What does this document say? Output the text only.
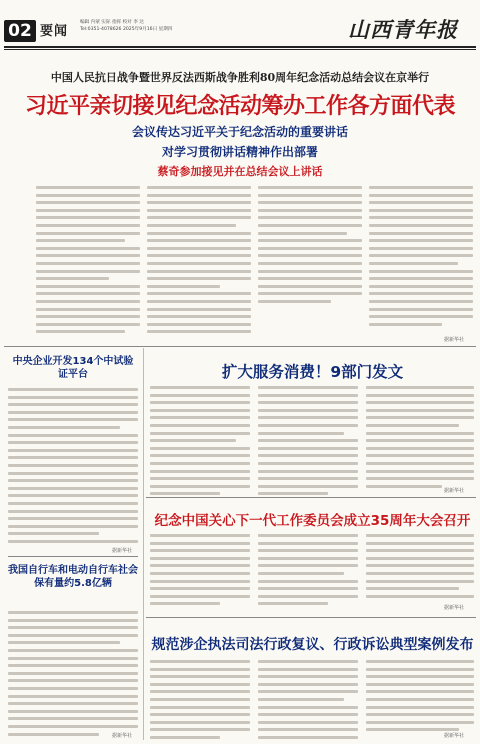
02 要闻
编辑 内蒙 实际 指挥 校对 李 达
Tel:0351-4078626 2025年9月16日 星期四	山西青年报
中国人民抗日战争暨世界反法西斯战争胜利80周年纪念活动总结会议在京举行
习近平亲切接见纪念活动筹办工作各方面代表
会议传达习近平关于纪念活动的重要讲话
对学习贯彻讲话精神作出部署
蔡奇参加接见并在总结会议上讲话
据新华社
中央企业开发134个中试验证平台
据新华社
我国自行车和电动自行车社会保有量约5.8亿辆
扩大服务消费！9部门发文
据新华社
纪念中国关心下一代工作委员会成立35周年大会召开
据新华社
规范涉企执法司法行政复议、行政诉讼典型案例发布
据新华社
据新华社
